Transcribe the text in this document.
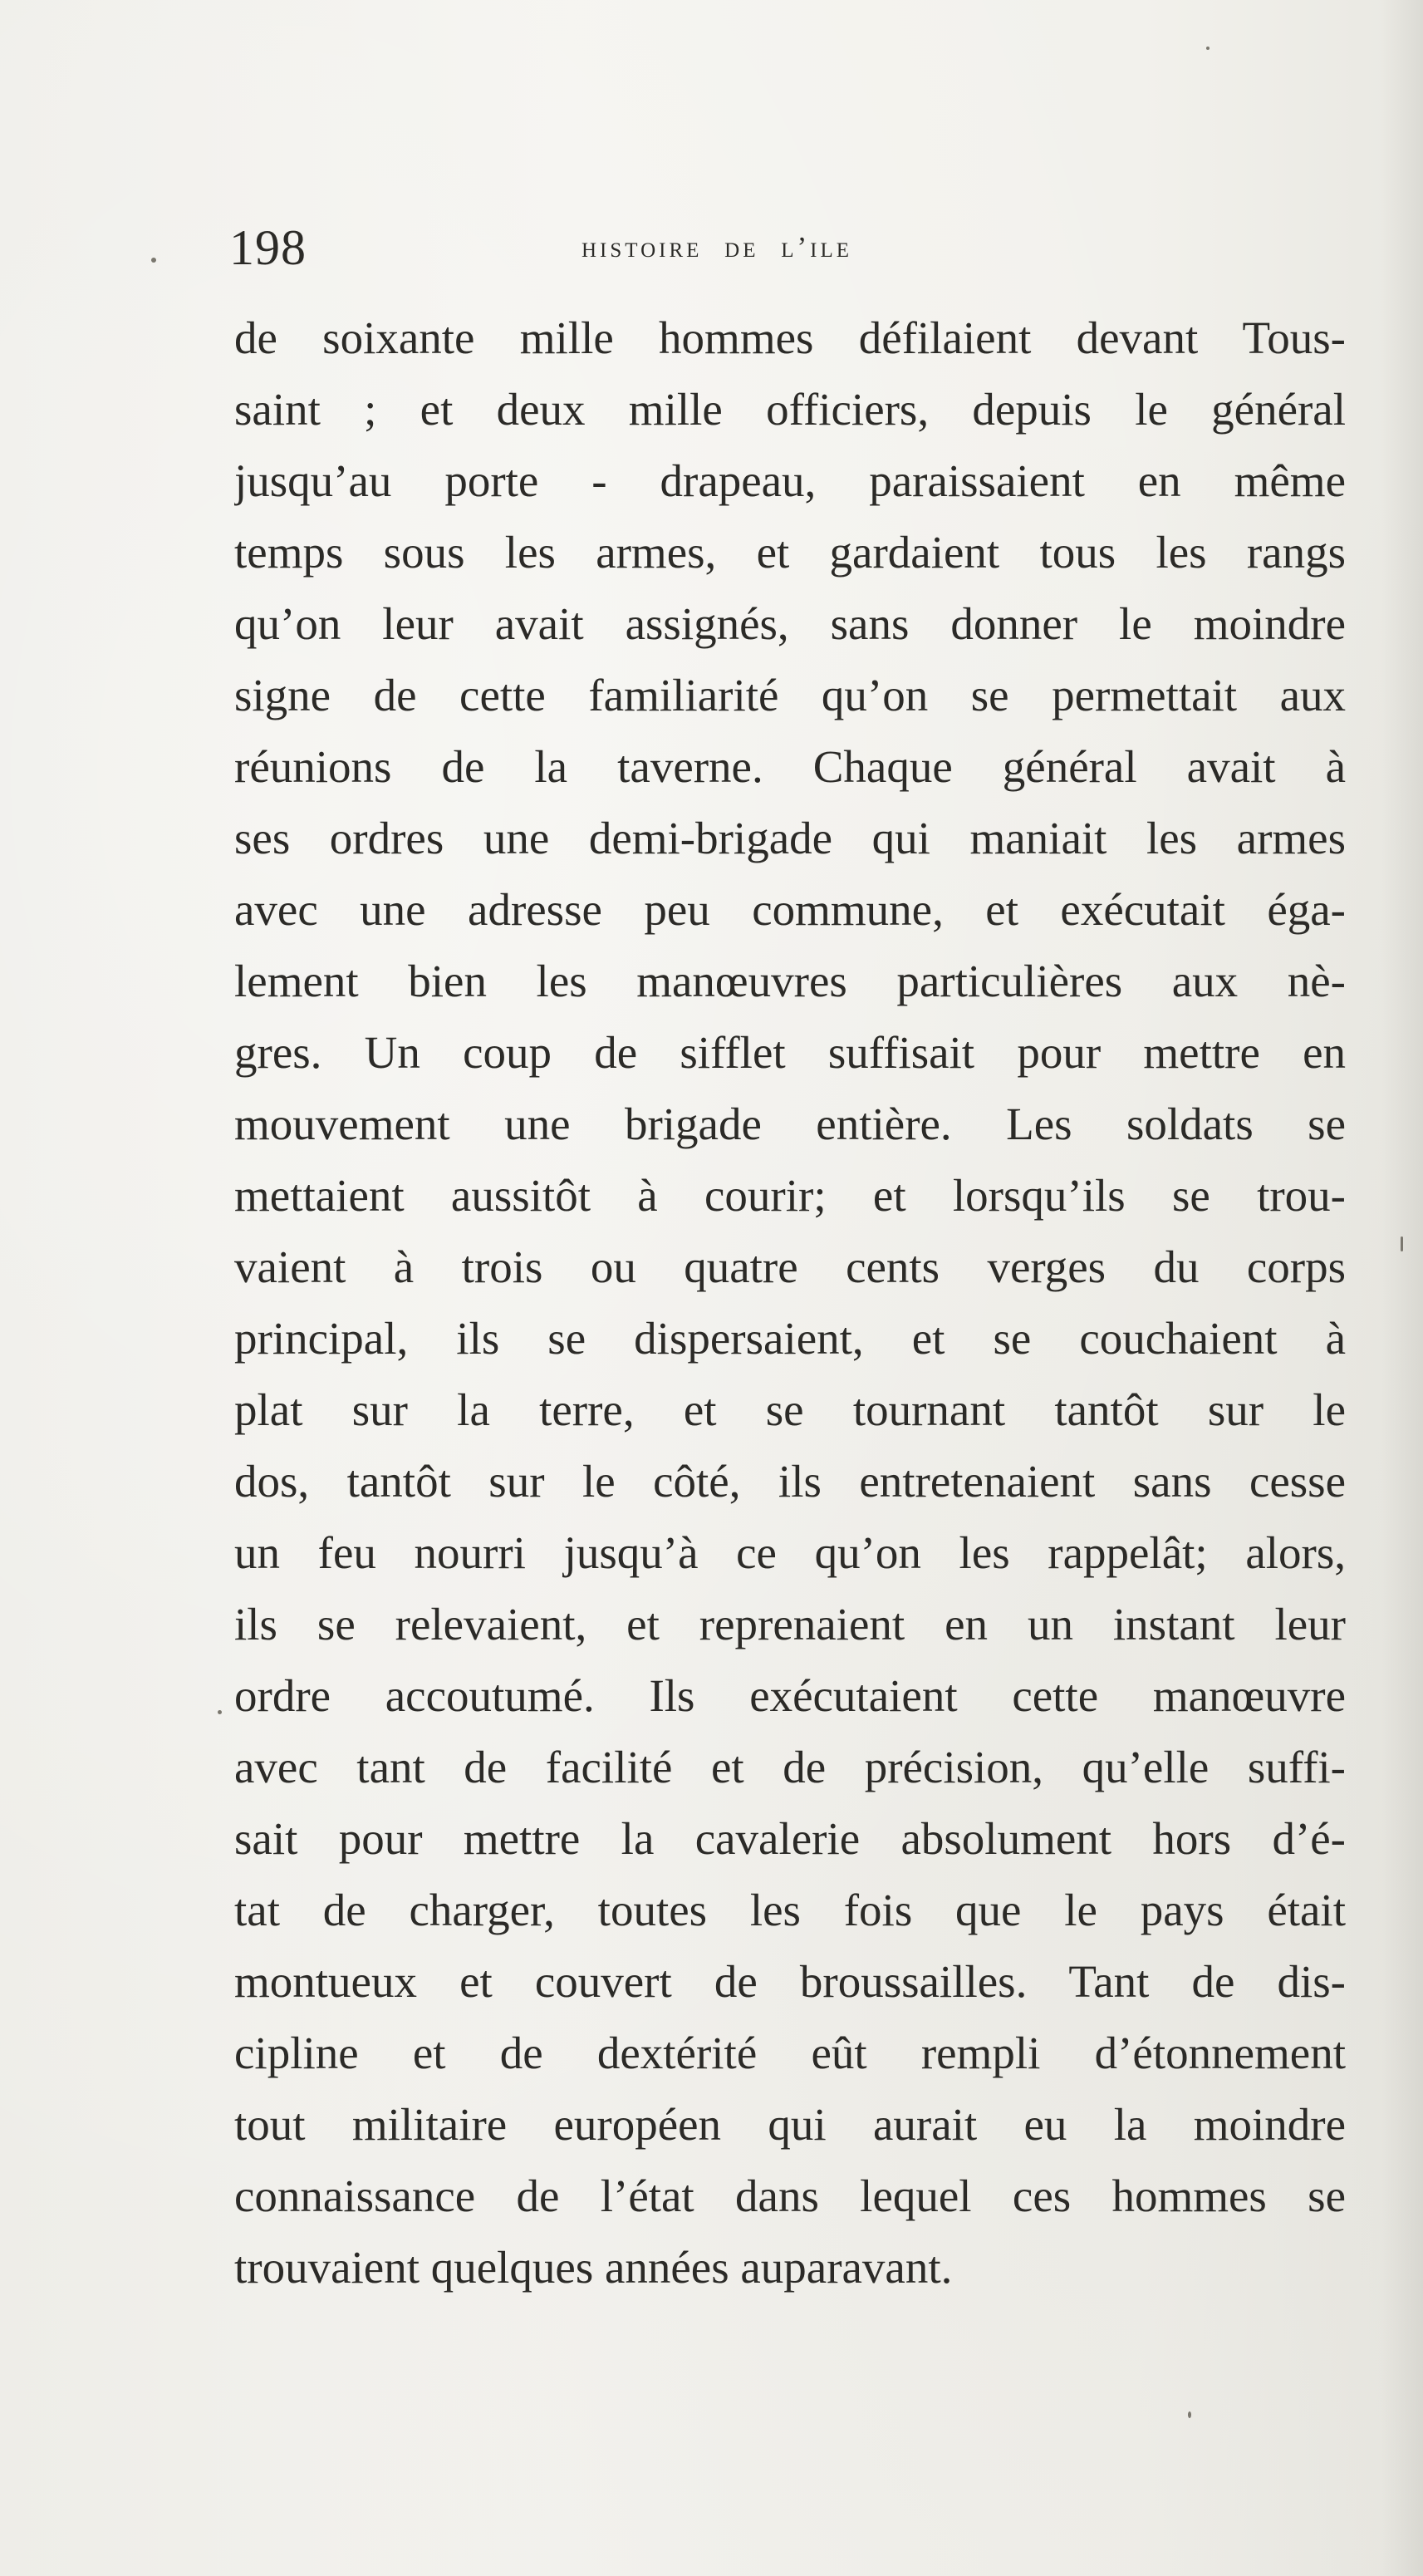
198	histoire de l’ile
de soixante mille hommes défilaient devant Tous-
saint ; et deux mille officiers, depuis le général
jusqu’au porte - drapeau, paraissaient en même
temps sous les armes, et gardaient tous les rangs
qu’on leur avait assignés, sans donner le moindre
signe de cette familiarité qu’on se permettait aux
réunions de la taverne. Chaque général avait à
ses ordres une demi-brigade qui maniait les armes
avec une adresse peu commune, et exécutait éga-
lement bien les manœuvres particulières aux nè-
gres. Un coup de sifflet suffisait pour mettre en
mouvement une brigade entière. Les soldats se
mettaient aussitôt à courir; et lorsqu’ils se trou-
vaient à trois ou quatre cents verges du corps
principal, ils se dispersaient, et se couchaient à
plat sur la terre, et se tournant tantôt sur le
dos, tantôt sur le côté, ils entretenaient sans cesse
un feu nourri jusqu’à ce qu’on les rappelât; alors,
ils se relevaient, et reprenaient en un instant leur
ordre accoutumé. Ils exécutaient cette manœuvre
avec tant de facilité et de précision, qu’elle suffi-
sait pour mettre la cavalerie absolument hors d’é-
tat de charger, toutes les fois que le pays était
montueux et couvert de broussailles. Tant de dis-
cipline et de dextérité eût rempli d’étonnement
tout militaire européen qui aurait eu la moindre
connaissance de l’état dans lequel ces hommes se
trouvaient quelques années auparavant.
